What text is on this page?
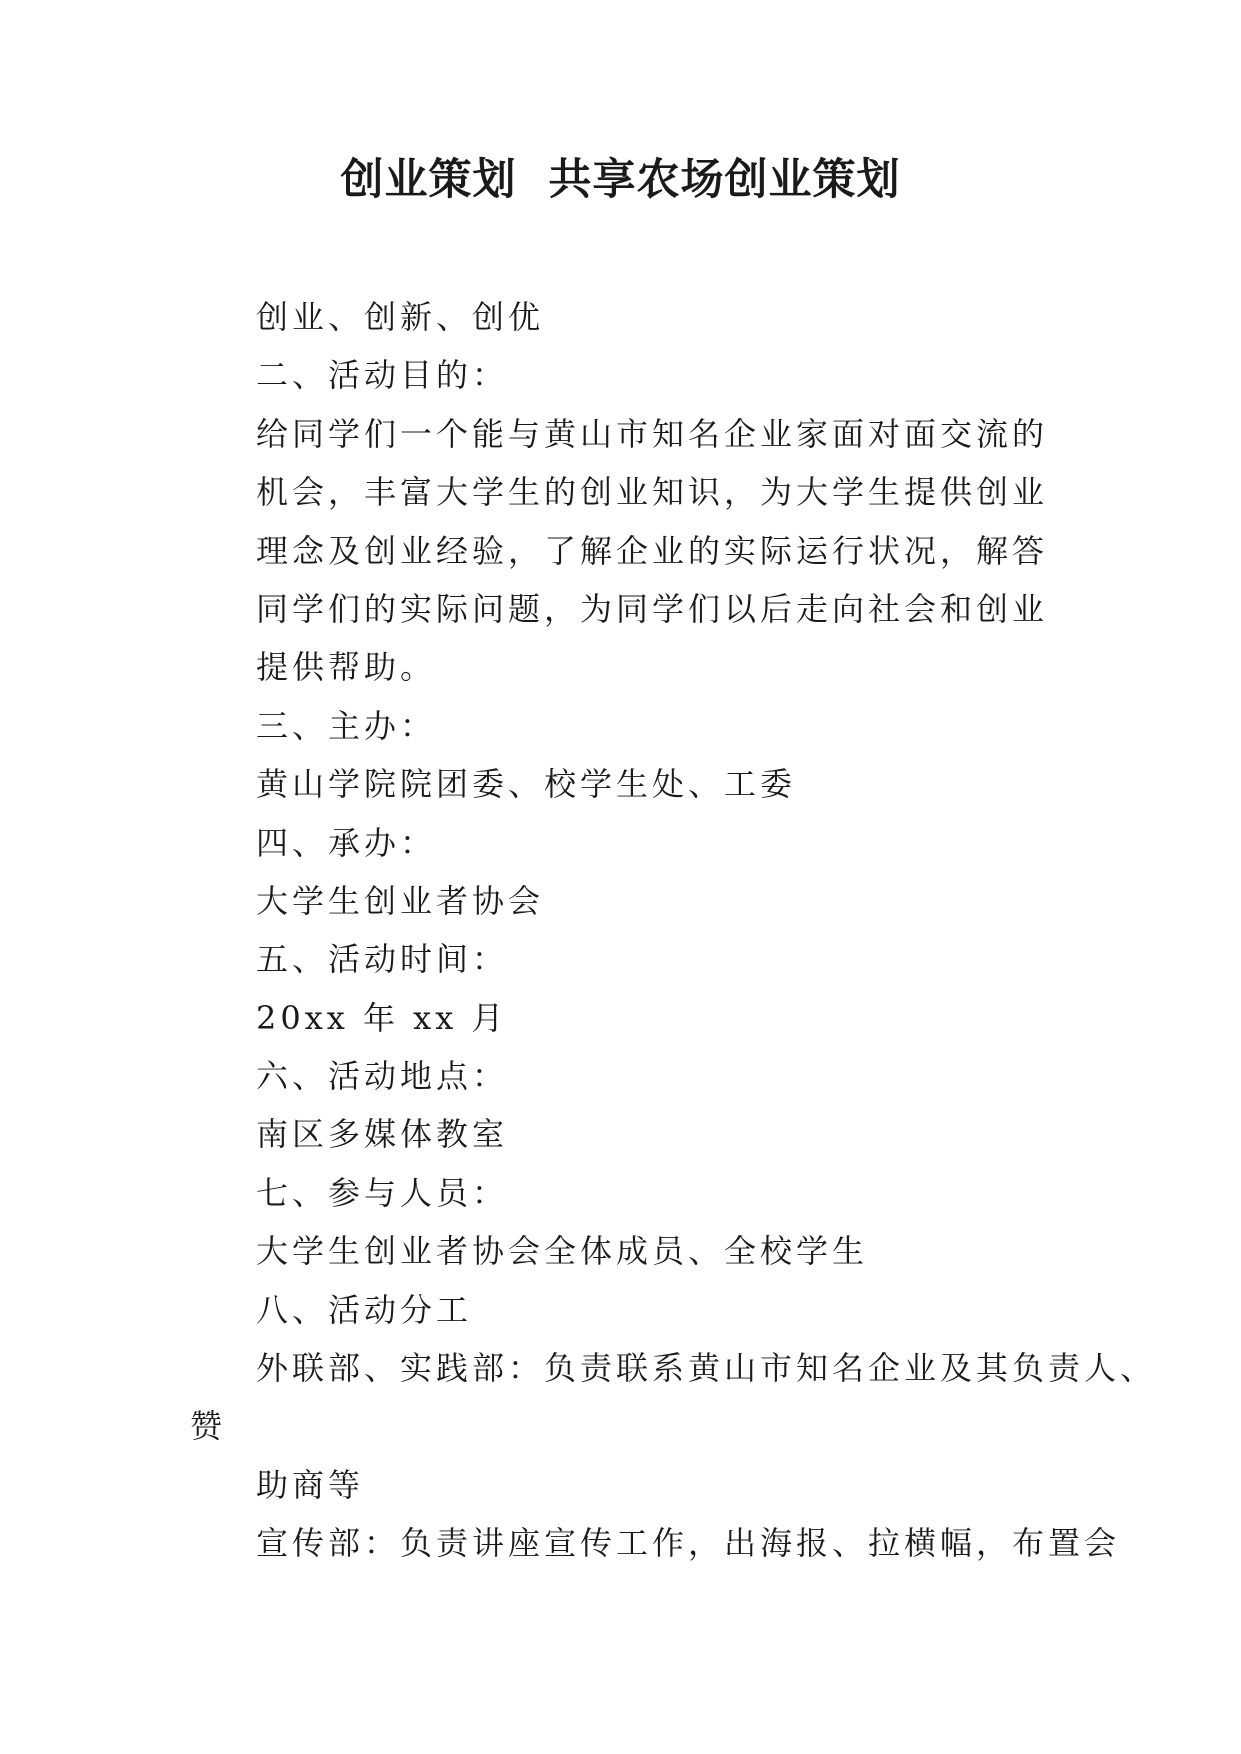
创业策划  共享农场创业策划
创业、创新、创优
二、活动目的：
给同学们一个能与黄山市知名企业家面对面交流的
机会，丰富大学生的创业知识，为大学生提供创业
理念及创业经验，了解企业的实际运行状况，解答
同学们的实际问题，为同学们以后走向社会和创业
提供帮助。
三、主办：
黄山学院院团委、校学生处、工委
四、承办：
大学生创业者协会
五、活动时间：
20xx 年 xx 月
六、活动地点：
南区多媒体教室
七、参与人员：
大学生创业者协会全体成员、全校学生
八、活动分工
外联部、实践部：负责联系黄山市知名企业及其负责人、
赞
助商等
宣传部：负责讲座宣传工作，出海报、拉横幅，布置会
